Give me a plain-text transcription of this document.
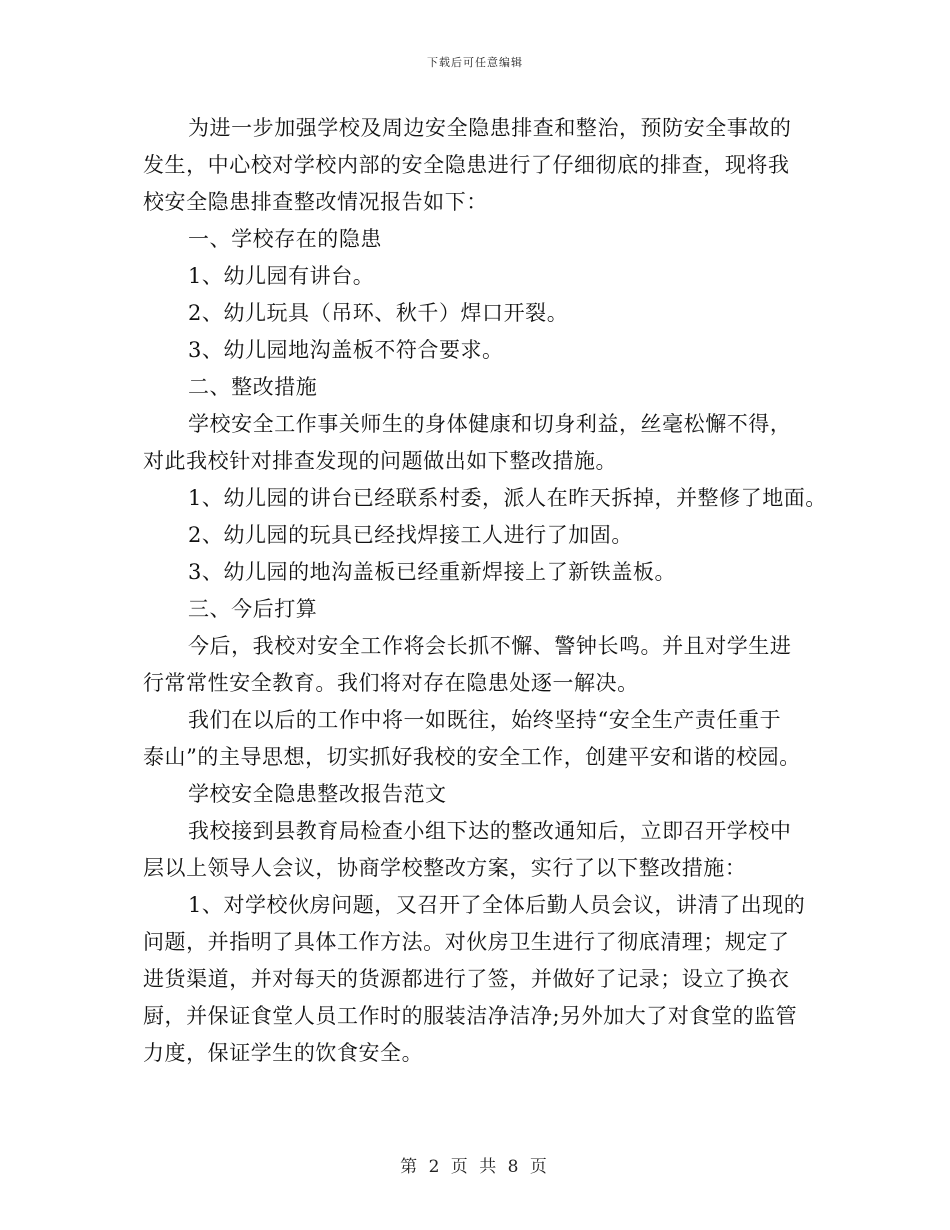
下载后可任意编辑
为进一步加强学校及周边安全隐患排查和整治，预防安全事故的
发生，中心校对学校内部的安全隐患进行了仔细彻底的排查，现将我
校安全隐患排查整改情况报告如下：
一、学校存在的隐患
1、幼儿园有讲台。
2、幼儿玩具（吊环、秋千）焊口开裂。
3、幼儿园地沟盖板不符合要求。
二、整改措施
学校安全工作事关师生的身体健康和切身利益，丝毫松懈不得，
对此我校针对排查发现的问题做出如下整改措施。
1、幼儿园的讲台已经联系村委，派人在昨天拆掉，并整修了地面。
2、幼儿园的玩具已经找焊接工人进行了加固。
3、幼儿园的地沟盖板已经重新焊接上了新铁盖板。
三、今后打算
今后，我校对安全工作将会长抓不懈、警钟长鸣。并且对学生进
行常常性安全教育。我们将对存在隐患处逐一解决。
我们在以后的工作中将一如既往，始终坚持“安全生产责任重于
泰山”的主导思想，切实抓好我校的安全工作，创建平安和谐的校园。
学校安全隐患整改报告范文
我校接到县教育局检查小组下达的整改通知后，立即召开学校中
层以上领导人会议，协商学校整改方案，实行了以下整改措施：
1、对学校伙房问题，又召开了全体后勤人员会议，讲清了出现的
问题，并指明了具体工作方法。对伙房卫生进行了彻底清理；规定了
进货渠道，并对每天的货源都进行了签，并做好了记录；设立了换衣
厨，并保证食堂人员工作时的服装洁净洁净;另外加大了对食堂的监管
力度，保证学生的饮食安全。
第 2 页 共 8 页
